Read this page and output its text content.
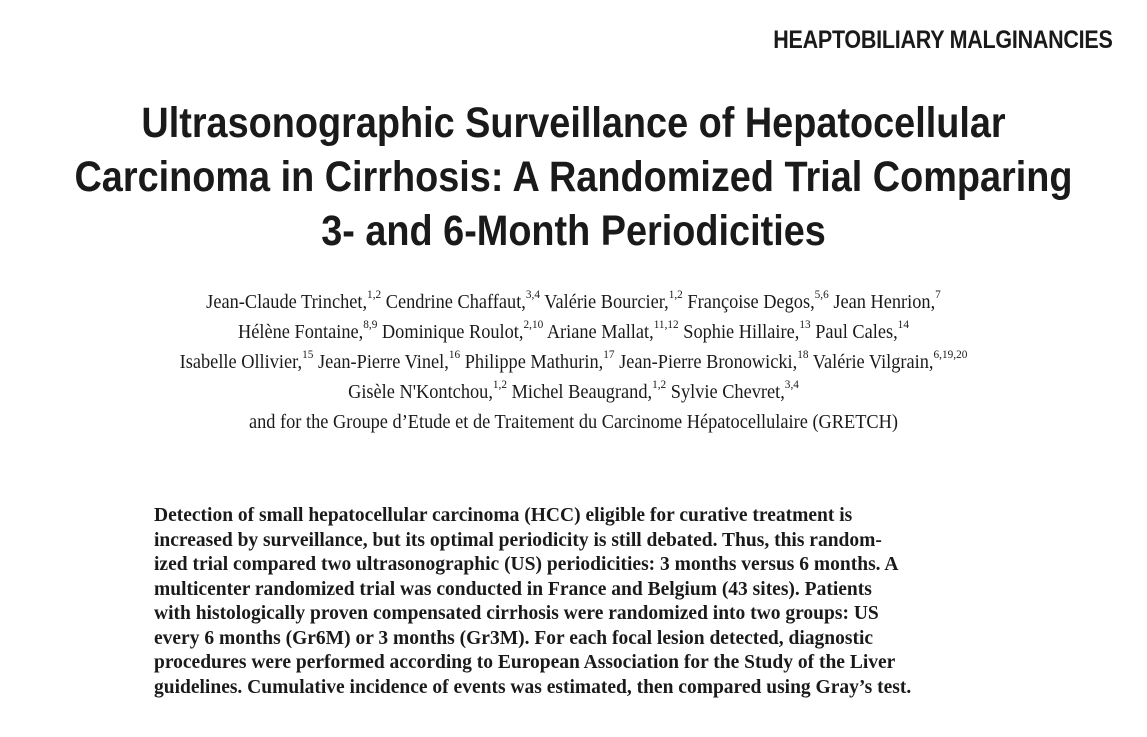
HEAPTOBILIARY MALGINANCIES
Ultrasonographic Surveillance of Hepatocellular
Carcinoma in Cirrhosis: A Randomized Trial Comparing
3- and 6-Month Periodicities
Jean-Claude Trinchet,$^{1,2}$ Cendrine Chaffaut,$^{3,4}$ Valérie Bourcier,$^{1,2}$ Françoise Degos,$^{5,6}$ Jean Henrion,$^7$
Hélène Fontaine,$^{8,9}$ Dominique Roulot,$^{2,10}$ Ariane Mallat,$^{11,12}$ Sophie Hillaire,$^{13}$ Paul Cales,$^{14}$
Isabelle Ollivier,$^{15}$ Jean-Pierre Vinel,$^{16}$ Philippe Mathurin,$^{17}$ Jean-Pierre Bronowicki,$^{18}$ Valérie Vilgrain,$^{6,19,20}$
Gisèle N'Kontchou,$^{1,2}$ Michel Beaugrand,$^{1,2}$ Sylvie Chevret,$^{3,4}$
and for the Groupe d’Etude et de Traitement du Carcinome Hépatocellulaire (GRETCH)
Detection of small hepatocellular carcinoma (HCC) eligible for curative treatment is
increased by surveillance, but its optimal periodicity is still debated. Thus, this random-
ized trial compared two ultrasonographic (US) periodicities: 3 months versus 6 months. A
multicenter randomized trial was conducted in France and Belgium (43 sites). Patients
with histologically proven compensated cirrhosis were randomized into two groups: US
every 6 months (Gr6M) or 3 months (Gr3M). For each focal lesion detected, diagnostic
procedures were performed according to European Association for the Study of the Liver
guidelines. Cumulative incidence of events was estimated, then compared using Gray’s test.
